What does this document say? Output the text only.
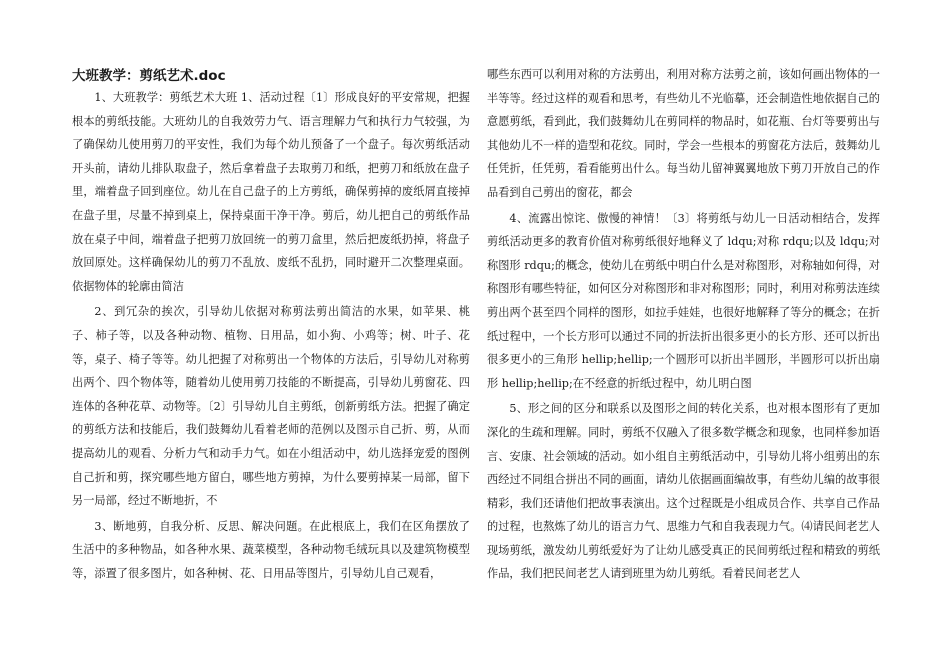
大班教学：剪纸艺术.doc

1、大班教学：剪纸艺术大班 1、活动过程〔1〕形成良好的平安常规，把握根本的剪纸技能。大班幼儿的自我效劳力气、语言理解力气和执行力气较强，为了确保幼儿使用剪刀的平安性，我们为每个幼儿预备了一个盘子。每次剪纸活动开头前，请幼儿排队取盘子，然后拿着盘子去取剪刀和纸，把剪刀和纸放在盘子里，端着盘子回到座位。幼儿在自己盘子的上方剪纸，确保剪掉的废纸屑直接掉在盘子里，尽量不掉到桌上，保持桌面干净干净。剪后，幼儿把自己的剪纸作品放在桌子中间，端着盘子把剪刀放回统一的剪刀盒里，然后把废纸扔掉，将盘子放回原处。这样确保幼儿的剪刀不乱放、废纸不乱扔，同时避开二次整理桌面。依据物体的轮廓由简洁

2、到冗杂的挨次，引导幼儿依据对称剪法剪出简洁的水果，如苹果、桃子、柿子等，以及各种动物、植物、日用品，如小狗、小鸡等；树、叶子、花等，桌子、椅子等等。幼儿把握了对称剪出一个物体的方法后，引导幼儿对称剪出两个、四个物体等，随着幼儿使用剪刀技能的不断提高，引导幼儿剪窗花、四连体的各种花草、动物等。〔2〕引导幼儿自主剪纸，创新剪纸方法。把握了确定的剪纸方法和技能后，我们鼓舞幼儿看着老师的范例以及图示自己折、剪，从而提高幼儿的观看、分析力气和动手力气。如在小组活动中，幼儿选择宠爱的图例自己折和剪，探究哪些地方留白，哪些地方剪掉，为什么要剪掉某一局部，留下另一局部，经过不断地折，不

3、断地剪，自我分析、反思、解决问题。在此根底上，我们在区角摆放了生活中的多种物品，如各种水果、蔬菜模型，各种动物毛绒玩具以及建筑物模型等，添置了很多图片，如各种树、花、日用品等图片，引导幼儿自己观看，

哪些东西可以利用对称的方法剪出，利用对称方法剪之前，该如何画出物体的一半等等。经过这样的观看和思考，有些幼儿不光临摹，还会制造性地依据自己的意愿剪纸，看到此，我们鼓舞幼儿在剪同样的物品时，如花瓶、台灯等要剪出与其他幼儿不一样的造型和花纹。同时，学会一些根本的剪窗花方法后，鼓舞幼儿任凭折，任凭剪，看看能剪出什么。每当幼儿留神翼翼地放下剪刀开放自己的作品看到自己剪出的窗花，都会

4、流露出惊诧、傲慢的神情！〔3〕将剪纸与幼儿一日活动相结合，发挥剪纸活动更多的教育价值对称剪纸很好地释义了 ldqu;对称 rdqu;以及 ldqu;对称图形 rdqu;的概念，使幼儿在剪纸中明白什么是对称图形，对称轴如何得，对称图形有哪些特征，如何区分对称图形和非对称图形；同时，利用对称剪法连续剪出两个甚至四个同样的图形，如拉手娃娃，也很好地解释了等分的概念；在折纸过程中，一个长方形可以通过不同的折法折出很多更小的长方形、还可以折出很多更小的三角形 hellip;hellip;一个圆形可以折出半圆形，半圆形可以折出扇形 hellip;hellip;在不经意的折纸过程中，幼儿明白图

5、形之间的区分和联系以及图形之间的转化关系，也对根本图形有了更加深化的生疏和理解。同时，剪纸不仅融入了很多数学概念和现象，也同样参加语言、安康、社会领域的活动。如小组自主剪纸活动中，引导幼儿将小组剪出的东西经过不同组合拼出不同的画面，请幼儿依据画面编故事，有些幼儿编的故事很精彩，我们还请他们把故事表演出。这个过程既是小组成员合作、共享自己作品的过程，也熬炼了幼儿的语言力气、思维力气和自我表现力气。⑷请民间老艺人现场剪纸，激发幼儿剪纸爱好为了让幼儿感受真正的民间剪纸过程和精致的剪纸作品，我们把民间老艺人请到班里为幼儿剪纸。看着民间老艺人
